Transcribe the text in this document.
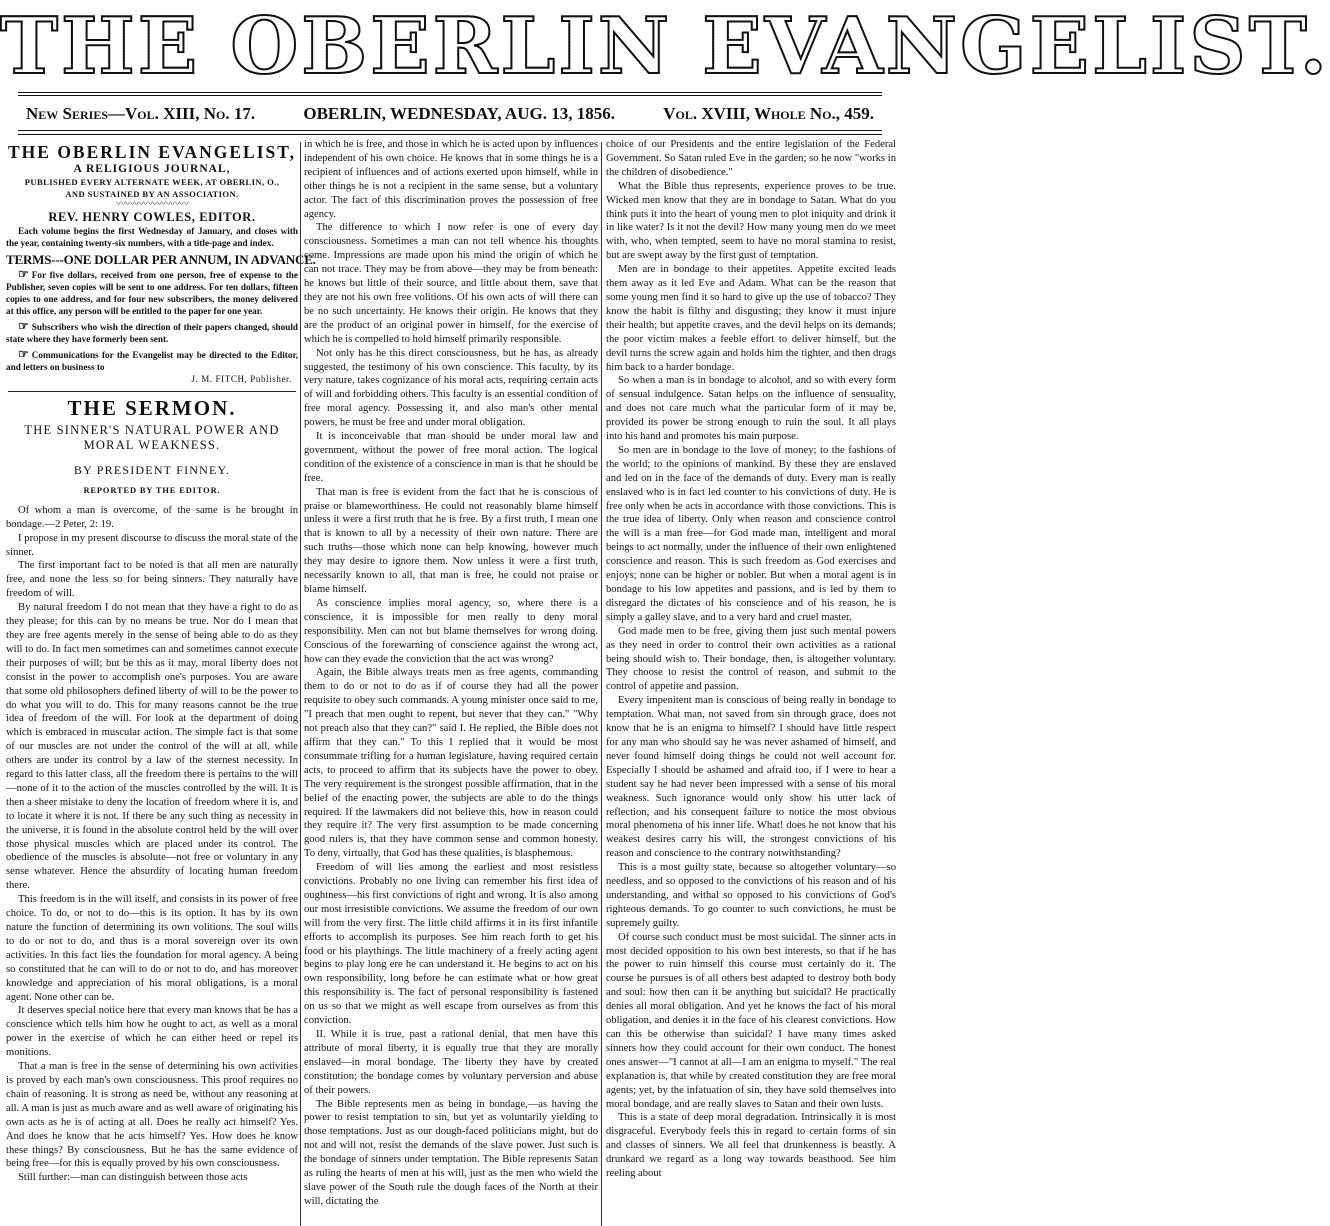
THE OBERLIN EVANGELIST.
New Series—Vol. XIII, No. 17.	OBERLIN, WEDNESDAY, AUG. 13, 1856.	Vol. XVIII, Whole No., 459.
THE OBERLIN EVANGELIST,
A RELIGIOUS JOURNAL,
PUBLISHED EVERY ALTERNATE WEEK, AT OBERLIN, O.,
AND SUSTAINED BY AN ASSOCIATION.
〰〰〰〰〰〰〰〰
REV. HENRY COWLES, EDITOR.

Each volume begins the first Wednesday of January, and closes with the year, containing twenty-six numbers, with a title-page and index.

TERMS---ONE DOLLAR PER ANNUM, IN ADVANCE.

☞ For five dollars, received from one person, free of expense to the Publisher, seven copies will be sent to one address. For ten dollars, fifteen copies to one address, and for four new subscribers, the money delivered at this office, any person will be entitled to the paper for one year.

☞ Subscribers who wish the direction of their papers changed, should state where they have formerly been sent.

☞ Communications for the Evangelist may be directed to the Editor, and letters on business to

J. M. FITCH, Publisher.
THE SERMON.
THE SINNER'S NATURAL POWER AND MORAL WEAKNESS.
BY PRESIDENT FINNEY.
REPORTED BY THE EDITOR.

Of whom a man is overcome, of the same is he brought in bondage.—2 Peter, 2: 19.

I propose in my present discourse to discuss the moral state of the sinner.

The first important fact to be noted is that all men are naturally free, and none the less so for being sinners. They naturally have freedom of will.

By natural freedom I do not mean that they have a right to do as they please; for this can by no means be true. Nor do I mean that they are free agents merely in the sense of being able to do as they will to do. In fact men sometimes can and sometimes cannot execute their purposes of will; but be this as it may, moral liberty does not consist in the power to accomplish one's purposes. You are aware that some old philosophers defined liberty of will to be the power to do what you will to do. This for many reasons cannot be the true idea of freedom of the will. For look at the department of doing which is embraced in muscular action. The simple fact is that some of our muscles are not under the control of the will at all, while others are under its control by a law of the sternest necessity. In regard to this latter class, all the freedom there is pertains to the will—none of it to the action of the muscles controlled by the will. It is then a sheer mistake to deny the location of freedom where it is, and to locate it where it is not. If there be any such thing as necessity in the universe, it is found in the absolute control held by the will over those physical muscles which are placed under its control. The obedience of the muscles is absolute—not free or voluntary in any sense whatever. Hence the absurdity of locating human freedom there.

This freedom is in the will itself, and consists in its power of free choice. To do, or not to do—this is its option. It has by its own nature the function of determining its own volitions. The soul wills to do or not to do, and thus is a moral sovereign over its own activities. In this fact lies the foundation for moral agency. A being so constituted that he can will to do or not to do, and has moreover knowledge and appreciation of his moral obligations, is a moral agent. None other can be.

It deserves special notice here that every man knows that he has a conscience which tells him how he ought to act, as well as a moral power in the exercise of which he can either heed or repel its monitions.

That a man is free in the sense of determining his own activities is proved by each man's own consciousness. This proof requires no chain of reasoning. It is strong as need be, without any reasoning at all. A man is just as much aware and as well aware of originating his own acts as he is of acting at all. Does he really act himself? Yes. And does he know that he acts himself? Yes. How does he know these things? By consciousness. But he has the same evidence of being free—for this is equally proved by his own consciousness.

Still further:—man can distinguish between those acts

in which he is free, and those in which he is acted upon by influences independent of his own choice. He knows that in some things he is a recipient of influences and of actions exerted upon himself, while in other things he is not a recipient in the same sense, but a voluntary actor. The fact of this discrimination proves the possession of free agency.

The difference to which I now refer is one of every day consciousness. Sometimes a man can not tell whence his thoughts come. Impressions are made upon his mind the origin of which he can not trace. They may be from above—they may be from beneath: he knows but little of their source, and little about them, save that they are not his own free volitions. Of his own acts of will there can be no such uncertainty. He knows their origin. He knows that they are the product of an original power in himself, for the exercise of which he is compelled to hold himself primarily responsible.

Not only has he this direct consciousness, but he has, as already suggested, the testimony of his own conscience. This faculty, by its very nature, takes cognizance of his moral acts, requiring certain acts of will and forbidding others. This faculty is an essential condition of free moral agency. Possessing it, and also man's other mental powers, he must be free and under moral obligation.

It is inconceivable that man should be under moral law and government, without the power of free moral action. The logical condition of the existence of a conscience in man is that he should be free.

That man is free is evident from the fact that he is conscious of praise or blameworthiness. He could not reasonably blame himself unless it were a first truth that he is free. By a first truth, I mean one that is known to all by a necessity of their own nature. There are such truths—those which none can help knowing, however much they may desire to ignore them. Now unless it were a first truth, necessarily known to all, that man is free, he could not praise or blame himself.

As conscience implies moral agency, so, where there is a conscience, it is impossible for men really to deny moral responsibility. Men can not but blame themselves for wrong doing. Conscious of the forewarning of conscience against the wrong act, how can they evade the conviction that the act was wrong?

Again, the Bible always treats men as free agents, commanding them to do or not to do as if of course they had all the power requisite to obey such commands. A young minister once said to me, "I preach that men ought to repent, but never that they can." "Why not preach also that they can?" said I. He replied, the Bible does not affirm that they can." To this I replied that it would be most consummate trifling for a human legislature, having required certain acts, to proceed to affirm that its subjects have the power to obey. The very requirement is the strongest possible affirmation, that in the belief of the enacting power, the subjects are able to do the things required. If the lawmakers did not believe this, how in reason could they require it? The very first assumption to be made concerning good rulers is, that they have common sense and common honesty. To deny, virtually, that God has these qualities, is blasphemous.

Freedom of will lies among the earliest and most resistless convictions. Probably no one living can remember his first idea of oughtness—his first convictions of right and wrong. It is also among our most irresistible convictions. We assume the freedom of our own will from the very first. The little child affirms it in its first infantile efforts to accomplish its purposes. See him reach forth to get his food or his playthings. The little machinery of a freely acting agent begins to play long ere he can understand it. He begins to act on his own responsibility, long before he can estimate what or how great this responsibility is. The fact of personal responsibility is fastened on us so that we might as well escape from ourselves as from this conviction.

II. While it is true, past a rational denial, that men have this attribute of moral liberty, it is equally true that they are morally enslaved—in moral bondage. The liberty they have by created constitution; the bondage comes by voluntary perversion and abuse of their powers.

The Bible represents men as being in bondage,—as having the power to resist temptation to sin, but yet as voluntarily yielding to those temptations. Just as our dough-faced politicians might, but do not and will not, resist the demands of the slave power. Just such is the bondage of sinners under temptation. The Bible represents Satan as ruling the hearts of men at his will, just as the men who wield the slave power of the South rule the dough faces of the North at their will, dictating the

choice of our Presidents and the entire legislation of the Federal Government. So Satan ruled Eve in the garden; so he now "works in the children of disobedience."

What the Bible thus represents, experience proves to be true. Wicked men know that they are in bondage to Satan. What do you think puts it into the heart of young men to plot iniquity and drink it in like water? Is it not the devil? How many young men do we meet with, who, when tempted, seem to have no moral stamina to resist, but are swept away by the first gust of temptation.

Men are in bondage to their appetites. Appetite excited leads them away as it led Eve and Adam. What can be the reason that some young men find it so hard to give up the use of tobacco? They know the habit is filthy and disgusting; they know it must injure their health; but appetite craves, and the devil helps on its demands; the poor victim makes a feeble effort to deliver himself, but the devil turns the screw again and holds him the tighter, and then drags him back to a harder bondage.

So when a man is in bondage to alcohol, and so with every form of sensual indulgence. Satan helps on the influence of sensuality, and does not care much what the particular form of it may be, provided its power be strong enough to ruin the soul. It all plays into his hand and promotes his main purpose.

So men are in bondage to the love of money; to the fashions of the world; to the opinions of mankind. By these they are enslaved and led on in the face of the demands of duty. Every man is really enslaved who is in fact led counter to his convictions of duty. He is free only when he acts in accordance with those convictions. This is the true idea of liberty. Only when reason and conscience control the will is a man free—for God made man, intelligent and moral beings to act normally, under the influence of their own enlightened conscience and reason. This is such freedom as God exercises and enjoys; none can be higher or nobler. But when a moral agent is in bondage to his low appetites and passions, and is led by them to disregard the dictates of his conscience and of his reason, he is simply a galley slave, and to a very hard and cruel master.

God made men to be free, giving them just such mental powers as they need in order to control their own activities as a rational being should wish to. Their bondage, then, is altogether voluntary. They choose to resist the control of reason, and submit to the control of appetite and passion.

Every impenitent man is conscious of being really in bondage to temptation. What man, not saved from sin through grace, does not know that he is an enigma to himself? I should have little respect for any man who should say he was never ashamed of himself, and never found himself doing things he could not well account for. Especially I should be ashamed and afraid too, if I were to hear a student say he had never been impressed with a sense of his moral weakness. Such ignorance would only show his utter lack of reflection, and his consequent failure to notice the most obvious moral phenomena of his inner life. What! does he not know that his weakest desires carry his will, the strongest convictions of his reason and conscience to the contrary notwithstanding?

This is a most guilty state, because so altogether voluntary—so needless, and so opposed to the convictions of his reason and of his understanding, and withal so opposed to his convictions of God's righteous demands. To go counter to such convictions, he must be supremely guilty.

Of course such conduct must be most suicidal. The sinner acts in most decided opposition to his own best interests, so that if he has the power to ruin himself this course must certainly do it. The course he pursues is of all others best adapted to destroy both body and soul: how then can it be anything but suicidal? He practically denies all moral obligation. And yet he knows the fact of his moral obligation, and denies it in the face of his clearest convictions. How can this be otherwise than suicidal? I have many times asked sinners how they could account for their own conduct. The honest ones answer—"I cannot at all—I am an enigma to myself." The real explanation is, that while by created constitution they are free moral agents; yet, by the infatuation of sin, they have sold themselves into moral bondage, and are really slaves to Satan and their own lusts.

This is a state of deep moral degradation. Intrinsically it is most disgraceful. Everybody feels this in regard to certain forms of sin and classes of sinners. We all feel that drunkenness is beastly. A drunkard we regard as a long way towards beasthood. See him reeling about
